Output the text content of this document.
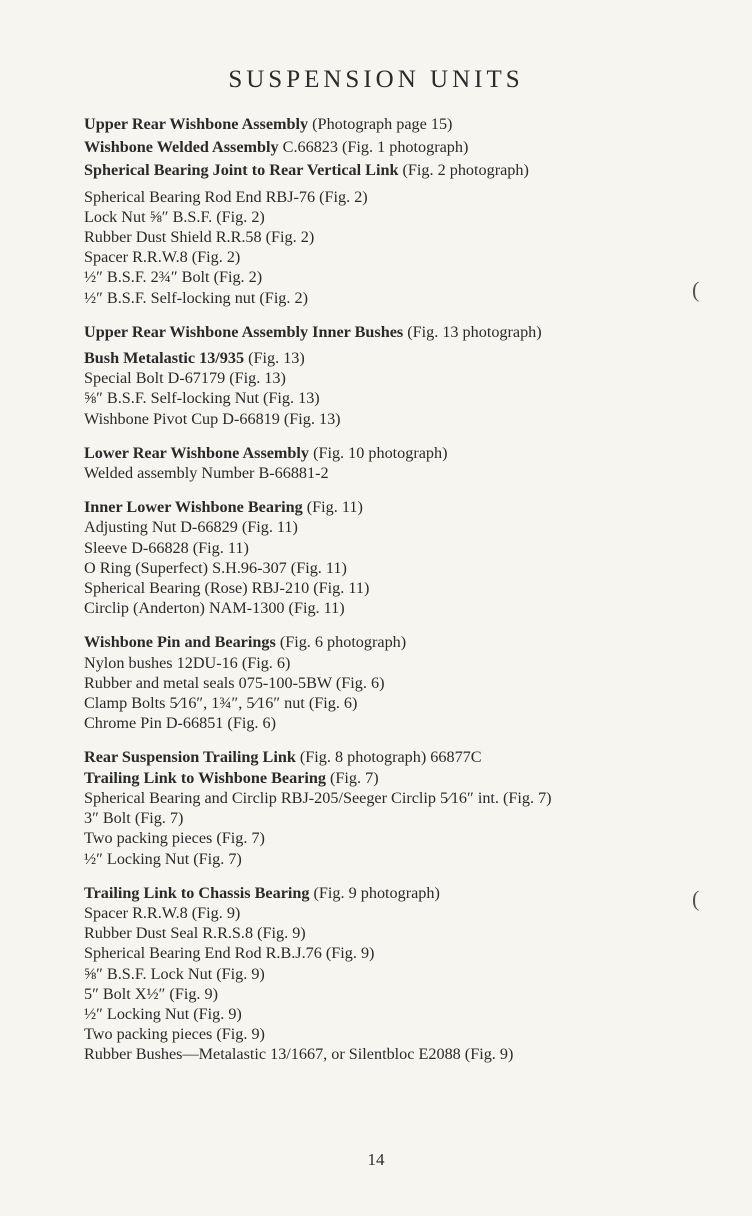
SUSPENSION UNITS
Upper Rear Wishbone Assembly (Photograph page 15)
Wishbone Welded Assembly C.66823 (Fig. 1 photograph)
Spherical Bearing Joint to Rear Vertical Link (Fig. 2 photograph)
Spherical Bearing Rod End RBJ-76 (Fig. 2)
Lock Nut ⅝″ B.S.F. (Fig. 2)
Rubber Dust Shield R.R.58 (Fig. 2)
Spacer R.R.W.8 (Fig. 2)
½″ B.S.F. 2¾″ Bolt (Fig. 2)
½″ B.S.F. Self-locking nut (Fig. 2)
Upper Rear Wishbone Assembly Inner Bushes (Fig. 13 photograph)
Bush Metalastic 13/935 (Fig. 13)
Special Bolt D-67179 (Fig. 13)
⅝″ B.S.F. Self-locking Nut (Fig. 13)
Wishbone Pivot Cup D-66819 (Fig. 13)
Lower Rear Wishbone Assembly (Fig. 10 photograph)
Welded assembly Number B-66881-2
Inner Lower Wishbone Bearing (Fig. 11)
Adjusting Nut D-66829 (Fig. 11)
Sleeve D-66828 (Fig. 11)
O Ring (Superfect) S.H.96-307 (Fig. 11)
Spherical Bearing (Rose) RBJ-210 (Fig. 11)
Circlip (Anderton) NAM-1300 (Fig. 11)
Wishbone Pin and Bearings (Fig. 6 photograph)
Nylon bushes 12DU-16 (Fig. 6)
Rubber and metal seals 075-100-5BW (Fig. 6)
Clamp Bolts 5⁄16″, 1¾″, 5⁄16″ nut (Fig. 6)
Chrome Pin D-66851 (Fig. 6)
Rear Suspension Trailing Link (Fig. 8 photograph) 66877C
Trailing Link to Wishbone Bearing (Fig. 7)
Spherical Bearing and Circlip RBJ-205/Seeger Circlip 5⁄16″ int. (Fig. 7)
3″ Bolt (Fig. 7)
Two packing pieces (Fig. 7)
½″ Locking Nut (Fig. 7)
Trailing Link to Chassis Bearing (Fig. 9 photograph)
Spacer R.R.W.8 (Fig. 9)
Rubber Dust Seal R.R.S.8 (Fig. 9)
Spherical Bearing End Rod R.B.J.76 (Fig. 9)
⅝″ B.S.F. Lock Nut (Fig. 9)
5″ Bolt X½″ (Fig. 9)
½″ Locking Nut (Fig. 9)
Two packing pieces (Fig. 9)
Rubber Bushes—Metalastic 13/1667, or Silentbloc E2088 (Fig. 9)
(
(
14
